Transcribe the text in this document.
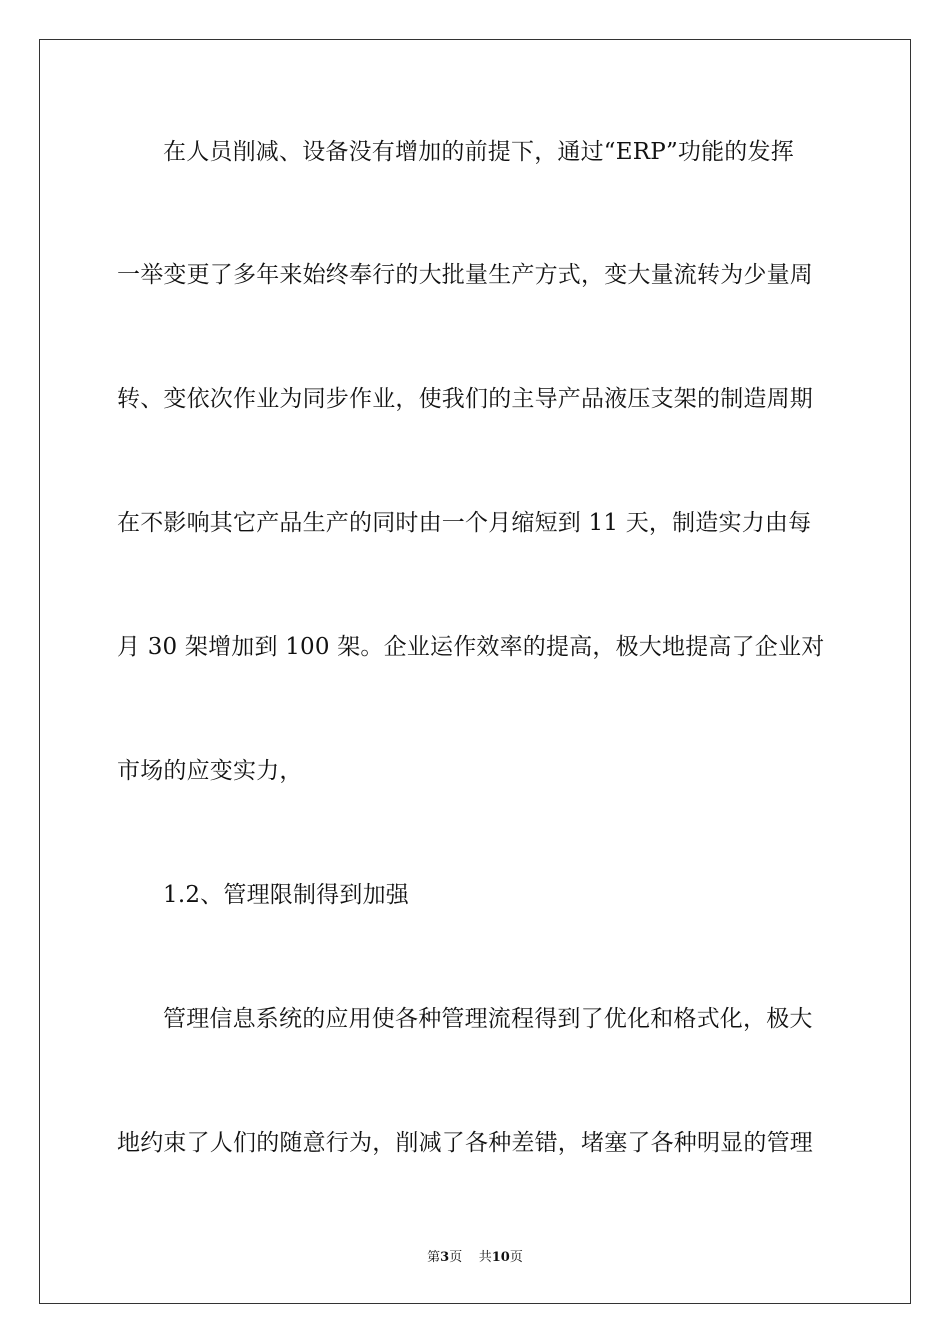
在人员削减、设备没有增加的前提下，通过“ERP”功能的发挥
一举变更了多年来始终奉行的大批量生产方式，变大量流转为少量周
转、变依次作业为同步作业，使我们的主导产品液压支架的制造周期
在不影响其它产品生产的同时由一个月缩短到 11 天，制造实力由每
月 30 架增加到 100 架。企业运作效率的提高，极大地提高了企业对
市场的应变实力，
1.2、管理限制得到加强
管理信息系统的应用使各种管理流程得到了优化和格式化，极大
地约束了人们的随意行为，削减了各种差错，堵塞了各种明显的管理
第3页 共10页
